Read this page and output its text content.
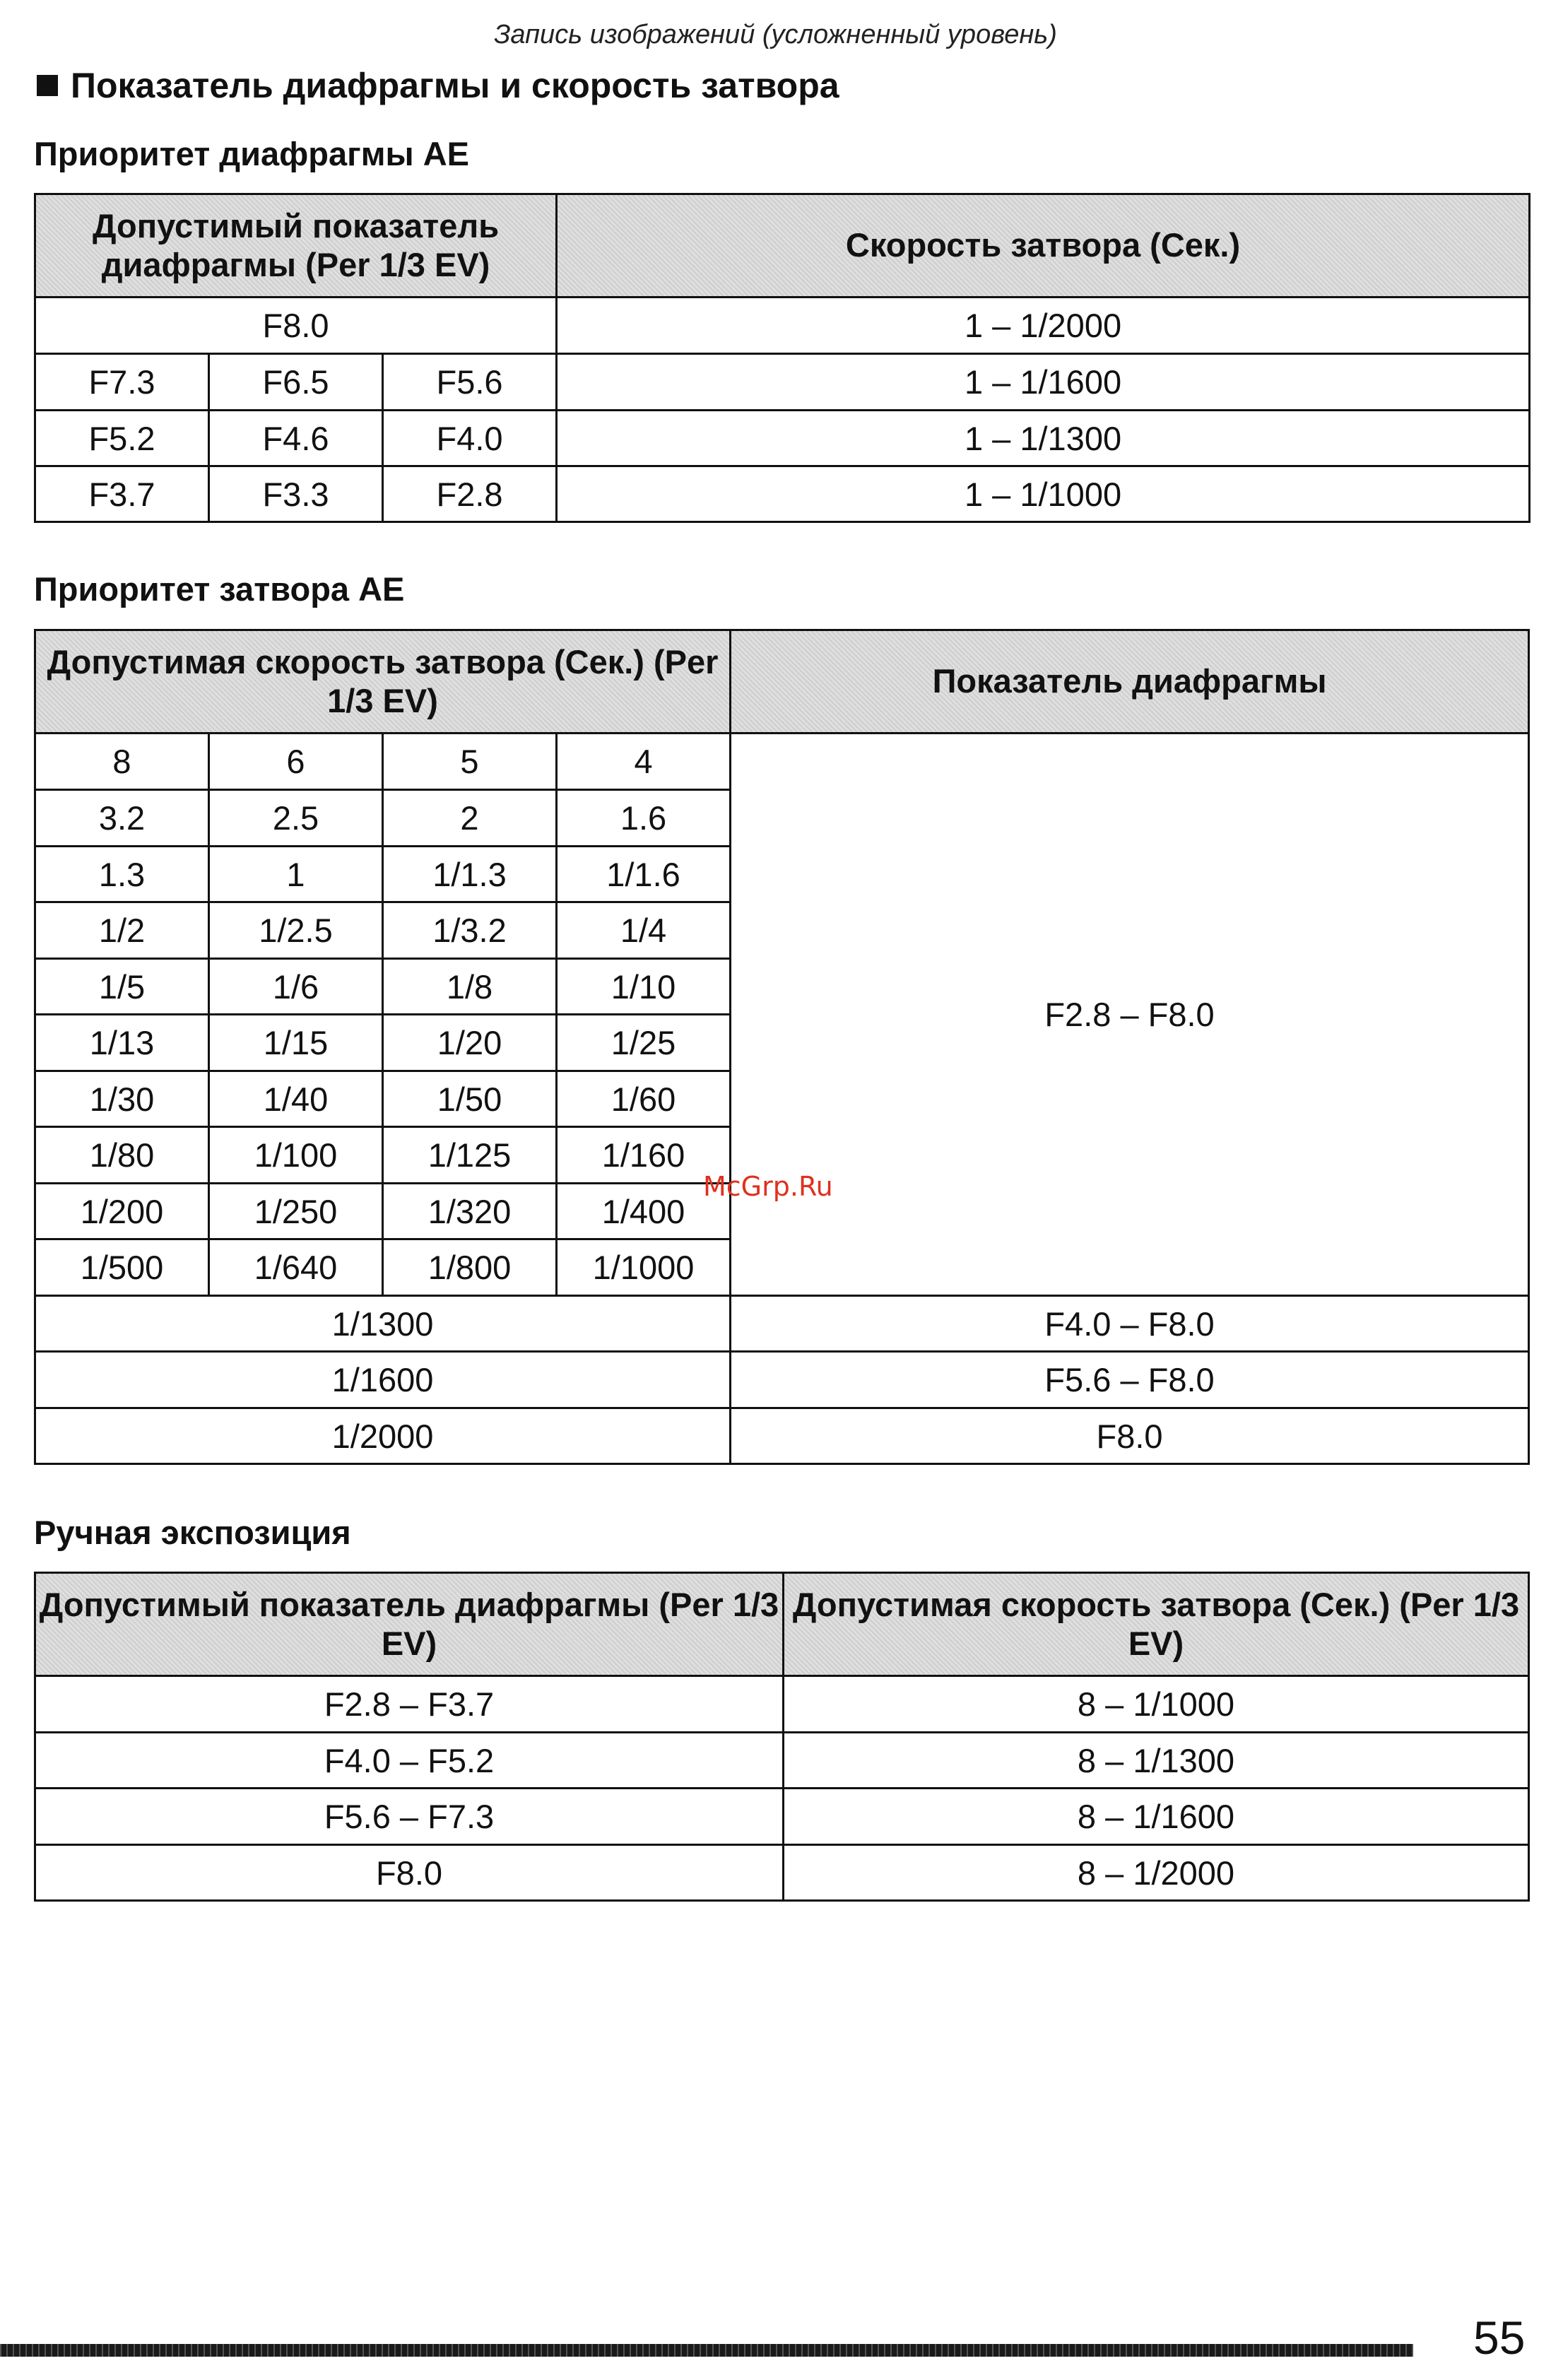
Запись изображений (усложненный уровень)
Показатель диафрагмы и скорость затвора
Приоритет диафрагмы AE
Допустимый показатель диафрагмы (Per 1/3 EV)			Скорость затвора (Сек.)
F8.0			1 – 1/2000
F7.3	F6.5	F5.6	1 – 1/1600
F5.2	F4.6	F4.0	1 – 1/1300
F3.7	F3.3	F2.8	1 – 1/1000
Приоритет затвора AE
Допустимая скорость затвора (Сек.) (Per 1/3 EV)				Показатель диафрагмы
8	6	5	4	F2.8 – F8.0
3.2	2.5	2	1.6	
1.3	1	1/1.3	1/1.6	
1/2	1/2.5	1/3.2	1/4	
1/5	1/6	1/8	1/10	
1/13	1/15	1/20	1/25	
1/30	1/40	1/50	1/60	
1/80	1/100	1/125	1/160	
1/200	1/250	1/320	1/400	
1/500	1/640	1/800	1/1000	
1/1300				F4.0 – F8.0
1/1600				F5.6 – F8.0
1/2000				F8.0
Ручная экспозиция
Допустимый показатель диафрагмы (Per 1/3 EV)	Допустимая скорость затвора (Сек.) (Per 1/3 EV)
F2.8 – F3.7	8 – 1/1000
F4.0 – F5.2	8 – 1/1300
F5.6 – F7.3	8 – 1/1600
F8.0	8 – 1/2000
McGrp.Ru
55
